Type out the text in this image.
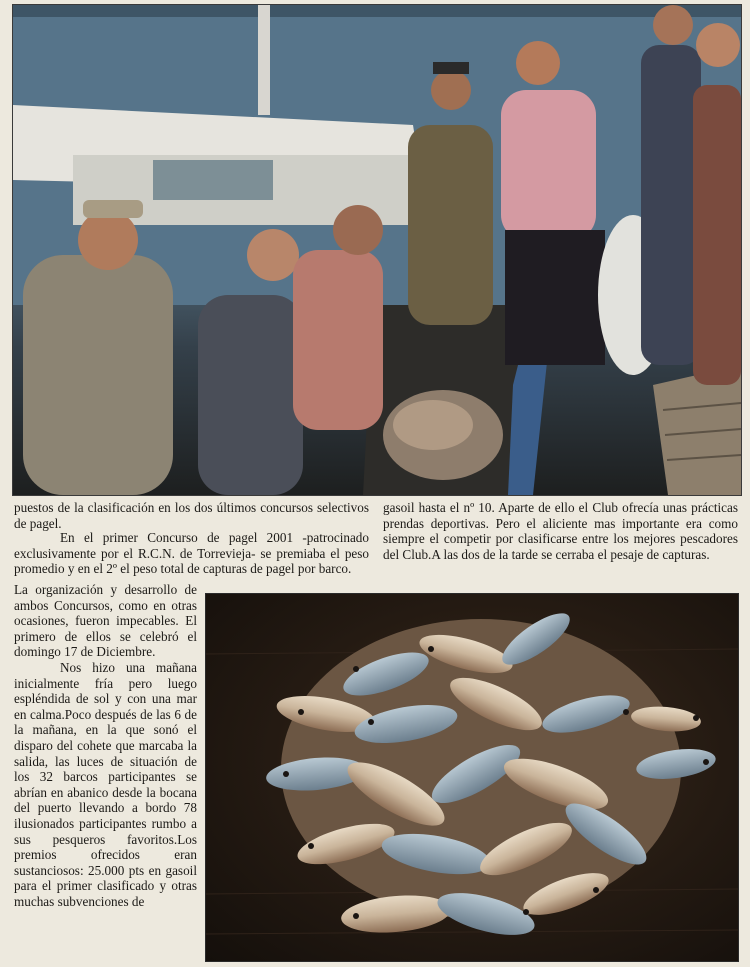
puestos de la clasificación en los dos últimos concursos selectivos de pagel.

En el primer Concurso de pagel 2001 -patrocinado exclusivamente por el R.C.N. de Torrevieja- se premiaba el peso promedio y en el 2º el peso total de capturas de pagel por barco.

gasoil hasta el nº 10. Aparte de ello el Club ofrecía unas prácticas prendas deportivas. Pero el aliciente mas importante era como siempre el competir por clasificarse entre los mejores pescadores del Club.A las dos de la tarde se cerraba el pesaje de capturas.

La organización y desarrollo de ambos Concursos, como en otras ocasiones, fueron impecables. El primero de ellos se celebró el domingo 17 de Diciembre.

Nos hizo una mañana inicialmente fría pero luego espléndida de sol y con una mar en calma.Poco después de las 6 de la mañana, en la que sonó el disparo del cohete que marcaba la salida, las luces de situación de los 32 barcos participantes se abrían en abanico desde la bocana del puerto llevando a bordo 78 ilusionados participantes rumbo a sus pesqueros favoritos.Los premios ofrecidos eran sustanciosos: 25.000 pts en gasoil para el primer clasificado y otras muchas subvenciones de
